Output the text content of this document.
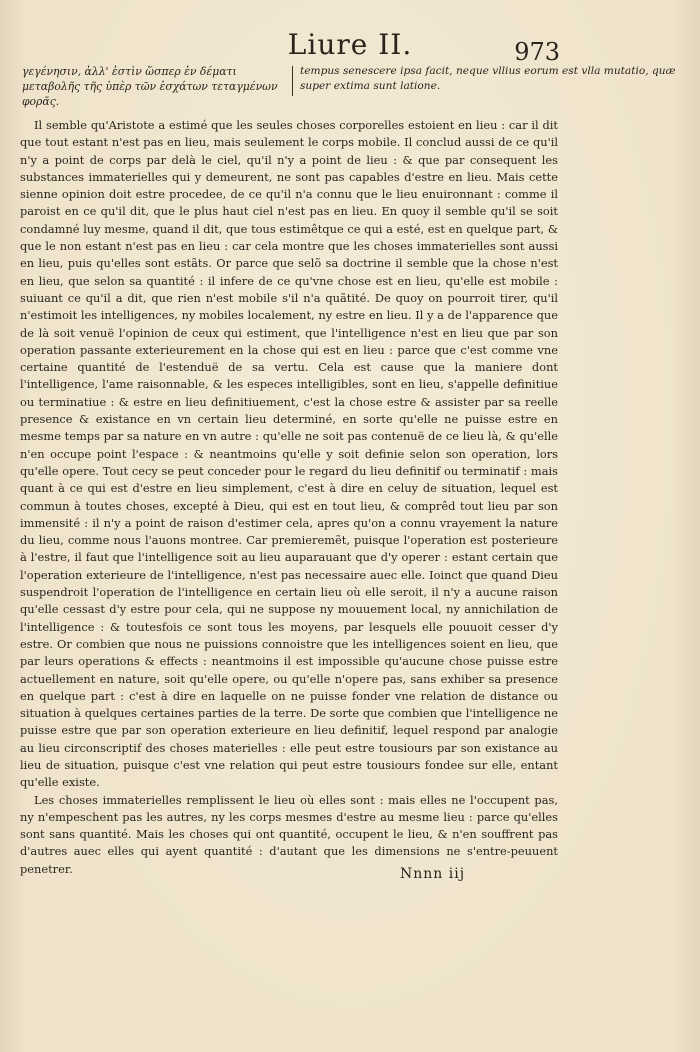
Liure II.	973
γεγένησιν, ἀλλ' ἐστὶν ὥσπερ ἐν δέματι μεταβολῆς τῆς ὑπὲρ τῶν ἐσχάτων τεταγμένων φορᾶς.
tempus senescere ipsa facit, neque vllius eorum est vlla mutatio, quæ super extima sunt latione.

Il semble qu'Aristote a estimé que les seules choses corporelles estoient en lieu : car il dit que tout estant n'est pas en lieu, mais seulement le corps mobile. Il conclud aussi de ce qu'il n'y a point de corps par delà le ciel, qu'il n'y a point de lieu : & que par consequent les substances immaterielles qui y demeurent, ne sont pas capables d'estre en lieu. Mais cette sienne opinion doit estre procedee, de ce qu'il n'a connu que le lieu enuironnant : comme il paroist en ce qu'il dit, que le plus haut ciel n'est pas en lieu. En quoy il semble qu'il se soit condamné luy mesme, quand il dit, que tous estimêtque ce qui a esté, est en quelque part, & que le non estant n'est pas en lieu : car cela montre que les choses immaterielles sont aussi en lieu, puis qu'elles sont estãts. Or parce que selõ sa doctrine il semble que la chose n'est en lieu, que selon sa quantité : il infere de ce qu'vne chose est en lieu, qu'elle est mobile : suiuant ce qu'il a dit, que rien n'est mobile s'il n'a quãtité. De quoy on pourroit tirer, qu'il n'estimoit les intelligences, ny mobiles localement, ny estre en lieu. Il y a de l'apparence que de là soit venuë l'opinion de ceux qui estiment, que l'intelligence n'est en lieu que par son operation passante exterieurement en la chose qui est en lieu : parce que c'est comme vne certaine quantité de l'estenduë de sa vertu. Cela est cause que la maniere dont l'intelligence, l'ame raisonnable, & les especes intelligibles, sont en lieu, s'appelle definitiue ou terminatiue : & estre en lieu definitiuement, c'est la chose estre & assister par sa reelle presence & existance en vn certain lieu determiné, en sorte qu'elle ne puisse estre en mesme temps par sa nature en vn autre : qu'elle ne soit pas contenuë de ce lieu là, & qu'elle n'en occupe point l'espace : & neantmoins qu'elle y soit definie selon son operation, lors qu'elle opere. Tout cecy se peut conceder pour le regard du lieu definitif ou terminatif : mais quant à ce qui est d'estre en lieu simplement, c'est à dire en celuy de situation, lequel est commun à toutes choses, excepté à Dieu, qui est en tout lieu, & comprêd tout lieu par son immensité : il n'y a point de raison d'estimer cela, apres qu'on a connu vrayement la nature du lieu, comme nous l'auons montree. Car premieremẽt, puisque l'operation est posterieure à l'estre, il faut que l'intelligence soit au lieu auparauant que d'y operer : estant certain que l'operation exterieure de l'intelligence, n'est pas necessaire auec elle. Ioinct que quand Dieu suspendroit l'operation de l'intelligence en certain lieu où elle seroit, il n'y a aucune raison qu'elle cessast d'y estre pour cela, qui ne suppose ny mouuement local, ny annichilation de l'intelligence : & toutesfois ce sont tous les moyens, par lesquels elle pouuoit cesser d'y estre. Or combien que nous ne puissions connoistre que les intelligences soient en lieu, que par leurs operations & effects : neantmoins il est impossible qu'aucune chose puisse estre actuellement en nature, soit qu'elle opere, ou qu'elle n'opere pas, sans exhiber sa presence en quelque part : c'est à dire en laquelle on ne puisse fonder vne relation de distance ou situation à quelques certaines parties de la terre. De sorte que combien que l'intelligence ne puisse estre que par son operation exterieure en lieu definitif, lequel respond par analogie au lieu circonscriptif des choses materielles : elle peut estre tousiours par son existance au lieu de situation, puisque c'est vne relation qui peut estre tousiours fondee sur elle, entant qu'elle existe.

Les choses immaterielles remplissent le lieu où elles sont : mais elles ne l'occupent pas, ny n'empeschent pas les autres, ny les corps mesmes d'estre au mesme lieu : parce qu'elles sont sans quantité. Mais les choses qui ont quantité, occupent le lieu, & n'en souffrent pas d'autres auec elles qui ayent quantité : d'autant que les dimensions ne s'entre-peuuent penetrer.	Nnnn iij
